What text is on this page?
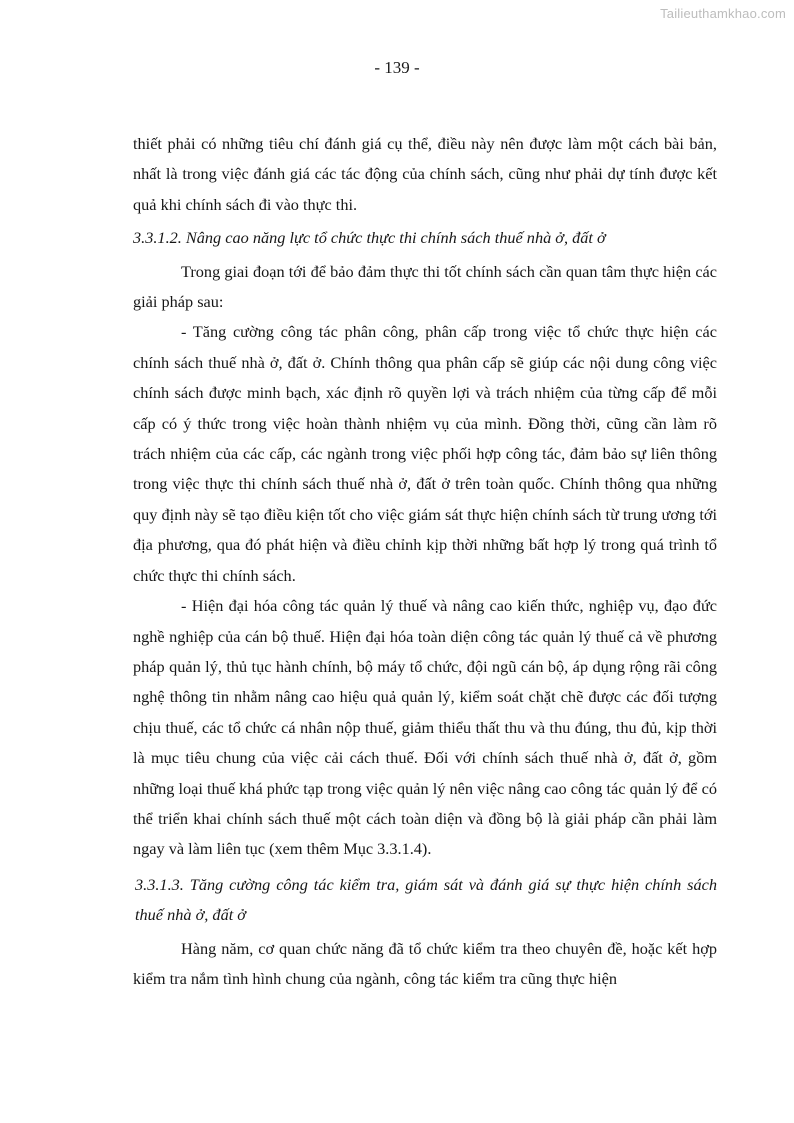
Tailieuthamkhao.com
- 139 -

thiết phải có những tiêu chí đánh giá cụ thể, điều này nên được làm một cách bài bản, nhất là trong việc đánh giá các tác động của chính sách, cũng như phải dự tính được kết quả khi chính sách đi vào thực thi.

3.3.1.2. Nâng cao năng lực tổ chức thực thi chính sách thuế nhà ở, đất ở

Trong giai đoạn tới để bảo đảm thực thi tốt chính sách cần quan tâm thực hiện các giải pháp sau:

- Tăng cường công tác phân công, phân cấp trong việc tổ chức thực hiện các chính sách thuế nhà ở, đất ở. Chính thông qua phân cấp sẽ giúp các nội dung công việc chính sách được minh bạch, xác định rõ quyền lợi và trách nhiệm của từng cấp để mỗi cấp có ý thức trong việc hoàn thành nhiệm vụ của mình. Đồng thời, cũng cần làm rõ trách nhiệm của các cấp, các ngành trong việc phối hợp công tác, đảm bảo sự liên thông trong việc thực thi chính sách thuế nhà ở, đất ở trên toàn quốc. Chính thông qua những quy định này sẽ tạo điều kiện tốt cho việc giám sát thực hiện chính sách từ trung ương tới địa phương, qua đó phát hiện và điều chỉnh kịp thời những bất hợp lý trong quá trình tổ chức thực thi chính sách.

- Hiện đại hóa công tác quản lý thuế và nâng cao kiến thức, nghiệp vụ, đạo đức nghề nghiệp của cán bộ thuế. Hiện đại hóa toàn diện công tác quản lý thuế cả về phương pháp quản lý, thủ tục hành chính, bộ máy tổ chức, đội ngũ cán bộ, áp dụng rộng rãi công nghệ thông tin nhằm nâng cao hiệu quả quản lý, kiểm soát chặt chẽ được các đối tượng chịu thuế, các tổ chức cá nhân nộp thuế, giảm thiểu thất thu và thu đúng, thu đủ, kịp thời là mục tiêu chung của việc cải cách thuế. Đối với chính sách thuế nhà ở, đất ở, gồm những loại thuế khá phức tạp trong việc quản lý nên việc nâng cao công tác quản lý để có thể triển khai chính sách thuế một cách toàn diện và đồng bộ là giải pháp cần phải làm ngay và làm liên tục (xem thêm Mục 3.3.1.4).

3.3.1.3. Tăng cường công tác kiểm tra, giám sát và đánh giá sự thực hiện chính sách thuế nhà ở, đất ở

Hàng năm, cơ quan chức năng đã tổ chức kiểm tra theo chuyên đề, hoặc kết hợp kiểm tra nắm tình hình chung của ngành, công tác kiểm tra cũng thực hiện
